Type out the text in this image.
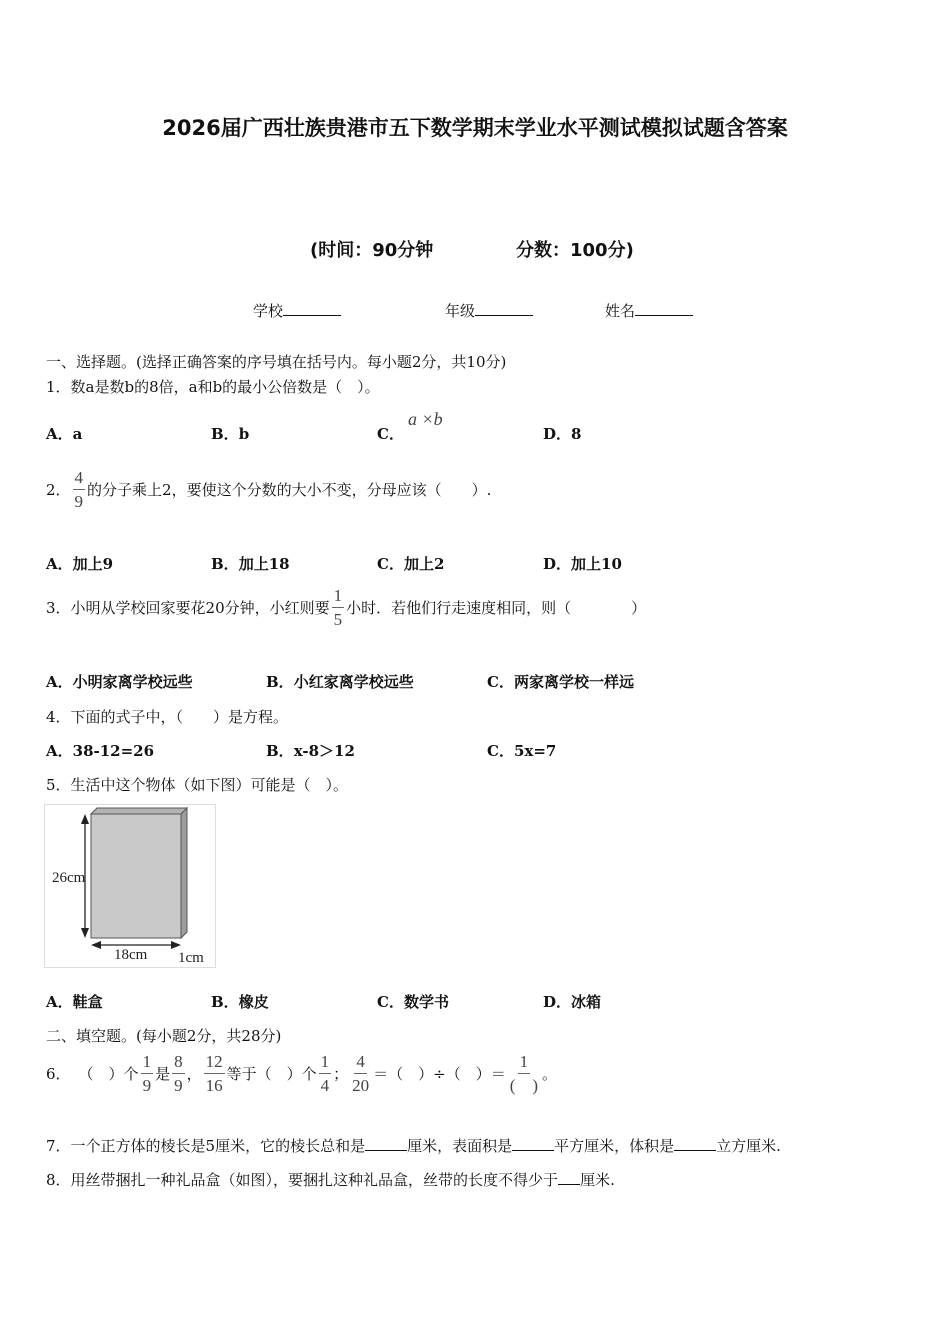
2026届广西壮族贵港市五下数学期末学业水平测试模拟试题含答案
(时间：90分钟	分数：100分)
学校	年级	姓名
一、选择题。(选择正确答案的序号填在括号内。每小题2分，共10分)
1．数a是数b的8倍，a和b的最小公倍数是（　）。
A．a	B．b	C．
a ×b
D．8
2． $\frac{4}{9}$ 的分子乘上2，要使这个分数的大小不变，分母应该（　　）.
A．加上9	B．加上18	C．加上2	D．加上10
3．小明从学校回家要花20分钟，小红则要 $\frac{1}{5}$ 小时．若他们行走速度相同，则（　　　　）
A．小明家离学校远些	B．小红家离学校远些	C．两家离学校一样远
4．下面的式子中，（　　）是方程。
A．38-12=26	B．x-8＞12	C．5x=7
5．生活中这个物体（如下图）可能是（　）。
26cm
18cm 1cm
A．鞋盒	B．橡皮	C．数学书	D．冰箱
二、填空题。(每小题2分，共28分)
6． （　）个 $\frac{1}{9}$ 是 $\frac{8}{9}$ ， $\frac{12}{16}$ 等于（　）个 $\frac{1}{4}$ ； $\frac{4}{20}$ ＝（　）÷（　）＝ $\frac{1}{( )}$ 。
7．一个正方体的棱长是5厘米，它的棱长总和是	厘米，表面积是	平方厘米，体积是	立方厘米.
8．用丝带捆扎一种礼品盒（如图），要捆扎这种礼品盒，丝带的长度不得少于 厘米.
